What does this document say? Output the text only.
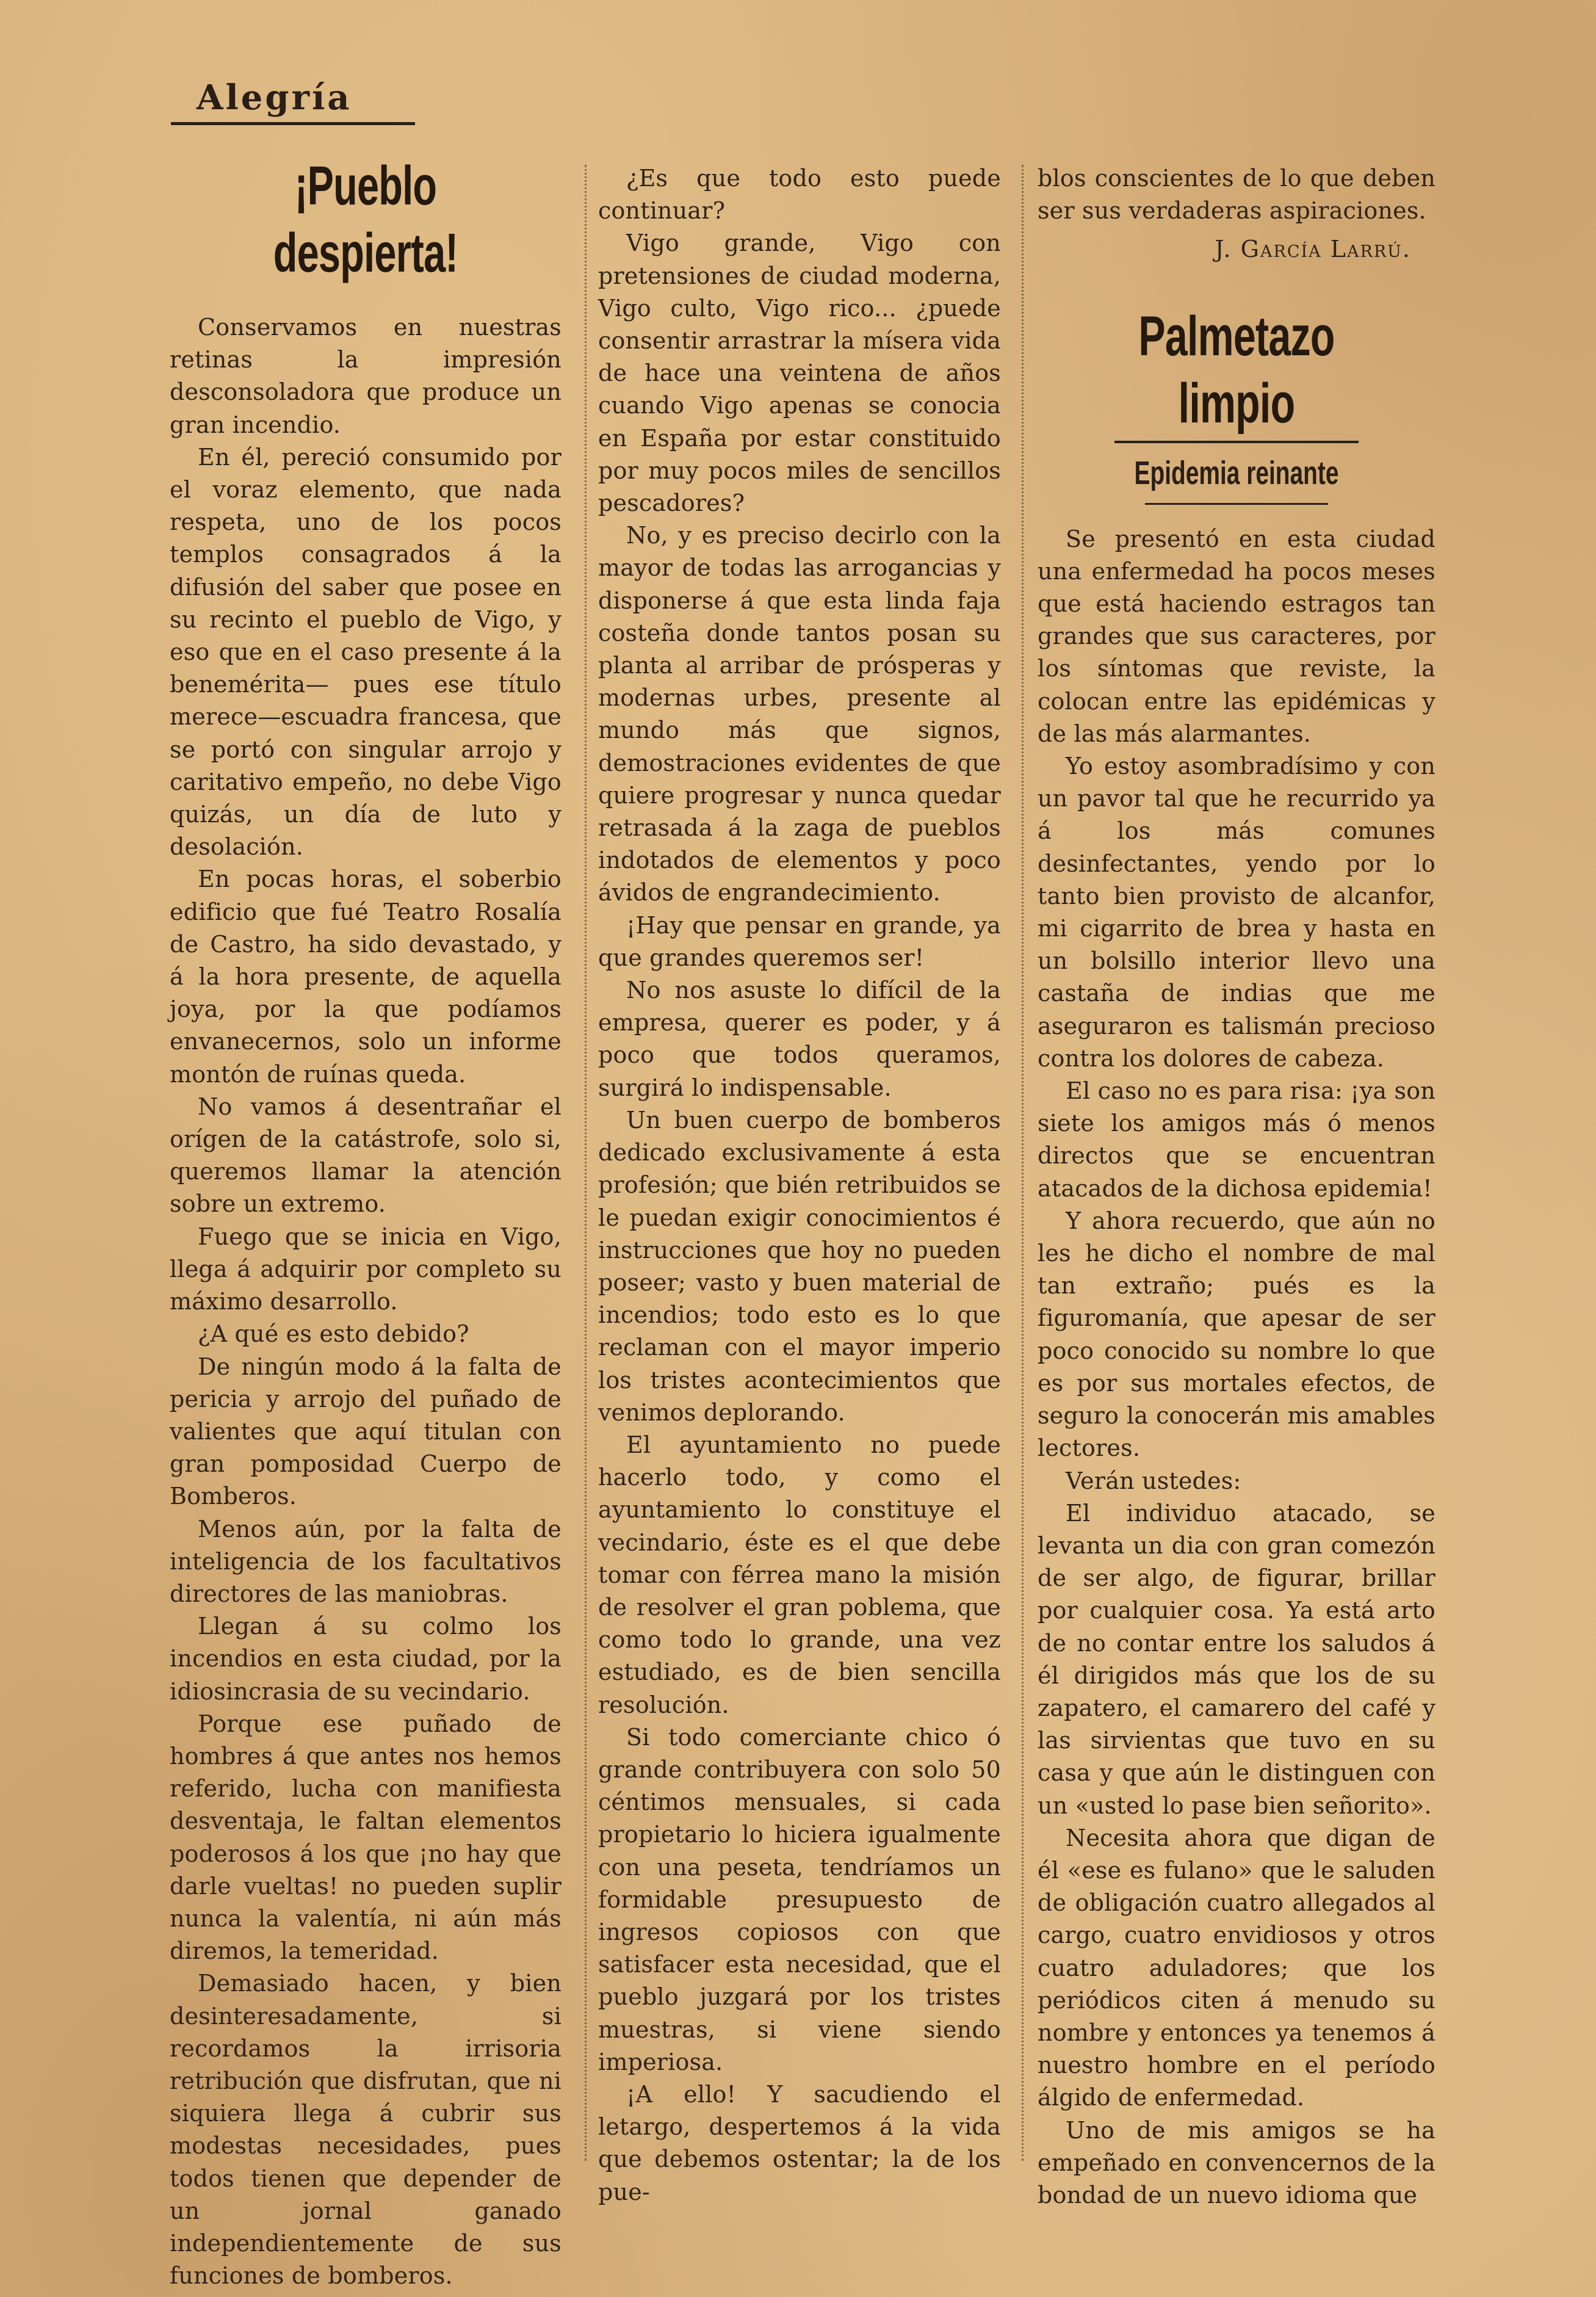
Alegría
¡Pueblo despierta!

Conservamos en nuestras retinas la impresión desconsoladora que produce un gran incendio.

En él, pereció consumido por el voraz elemento, que nada respeta, uno de los pocos templos consagrados á la difusión del saber que posee en su recinto el pueblo de Vigo, y eso que en el caso presente á la benemérita— pues ese título merece—escuadra francesa, que se portó con singular arrojo y caritativo empeño, no debe Vigo quizás, un día de luto y desolación.

En pocas horas, el soberbio edificio que fué Teatro Rosalía de Castro, ha sido devastado, y á la hora presente, de aquella joya, por la que podíamos envanecernos, solo un informe montón de ruínas queda.

No vamos á desentrañar el orígen de la catástrofe, solo si, queremos llamar la atención sobre un extremo.

Fuego que se inicia en Vigo, llega á adquirir por completo su máximo desarrollo.

¿A qué es esto debido?

De ningún modo á la falta de pericia y arrojo del puñado de valientes que aquí titulan con gran pomposidad Cuerpo de Bomberos.

Menos aún, por la falta de inteligencia de los facultativos directores de las maniobras.

Llegan á su colmo los incendios en esta ciudad, por la idiosincrasia de su vecindario.

Porque ese puñado de hombres á que antes nos hemos referido, lucha con manifiesta desventaja, le faltan elementos poderosos á los que ¡no hay que darle vueltas! no pueden suplir nunca la valentía, ni aún más diremos, la temeridad.

Demasiado hacen, y bien desinteresadamente, si recordamos la irrisoria retribución que disfrutan, que ni siquiera llega á cubrir sus modestas necesidades, pues todos tienen que depender de un jornal ganado independientemente de sus funciones de bomberos.

¿Es que todo esto puede continuar?

Vigo grande, Vigo con pretensiones de ciudad moderna, Vigo culto, Vigo rico... ¿puede consentir arrastrar la mísera vida de hace una veintena de años cuando Vigo apenas se conocia en España por estar constituido por muy pocos miles de sencillos pescadores?

No, y es preciso decirlo con la mayor de todas las arrogancias y disponerse á que esta linda faja costeña donde tantos posan su planta al arribar de prósperas y modernas urbes, presente al mundo más que signos, demostraciones evidentes de que quiere progresar y nunca quedar retrasada á la zaga de pueblos indotados de elementos y poco ávidos de engrandecimiento.

¡Hay que pensar en grande, ya que grandes queremos ser!

No nos asuste lo difícil de la empresa, querer es poder, y á poco que todos queramos, surgirá lo indispensable.

Un buen cuerpo de bomberos dedicado exclusivamente á esta profesión; que bién retribuidos se le puedan exigir conocimientos é instrucciones que hoy no pueden poseer; vasto y buen material de incendios; todo esto es lo que reclaman con el mayor imperio los tristes acontecimientos que venimos deplorando.

El ayuntamiento no puede hacerlo todo, y como el ayuntamiento lo constituye el vecindario, éste es el que debe tomar con férrea mano la misión de resolver el gran poblema, que como todo lo grande, una vez estudiado, es de bien sencilla resolución.

Si todo comerciante chico ó grande contribuyera con solo 50 céntimos mensuales, si cada propietario lo hiciera igualmente con una peseta, tendríamos un formidable presupuesto de ingresos copiosos con que satisfacer esta necesidad, que el pueblo juzgará por los tristes muestras, si viene siendo imperiosa.

¡A ello! Y sacudiendo el letargo, despertemos á la vida que debemos ostentar; la de los pue-

blos conscientes de lo que deben ser sus verdaderas aspiraciones.

J. García Larrú.
Palmetazo limpio
Epidemia reinante

Se presentó en esta ciudad una enfermedad ha pocos meses que está haciendo estragos tan grandes que sus caracteres, por los síntomas que reviste, la colocan entre las epidémicas y de las más alarmantes.

Yo estoy asombradísimo y con un pavor tal que he recurrido ya á los más comunes desinfectantes, yendo por lo tanto bien provisto de alcanfor, mi cigarrito de brea y hasta en un bolsillo interior llevo una castaña de indias que me aseguraron es talismán precioso contra los dolores de cabeza.

El caso no es para risa: ¡ya son siete los amigos más ó menos directos que se encuentran atacados de la dichosa epidemia!

Y ahora recuerdo, que aún no les he dicho el nombre de mal tan extraño; pués es la figuromanía, que apesar de ser poco conocido su nombre lo que es por sus mortales efectos, de seguro la conocerán mis amables lectores.

Verán ustedes:

El individuo atacado, se levanta un dia con gran comezón de ser algo, de figurar, brillar por cualquier cosa. Ya está arto de no contar entre los saludos á él dirigidos más que los de su zapatero, el camarero del café y las sirvientas que tuvo en su casa y que aún le distinguen con un «usted lo pase bien señorito».

Necesita ahora que digan de él «ese es fulano» que le saluden de obligación cuatro allegados al cargo, cuatro envidiosos y otros cuatro aduladores; que los periódicos citen á menudo su nombre y entonces ya tenemos á nuestro hombre en el período álgido de enfermedad.

Uno de mis amigos se ha empeñado en convencernos de la bondad de un nuevo idioma que
